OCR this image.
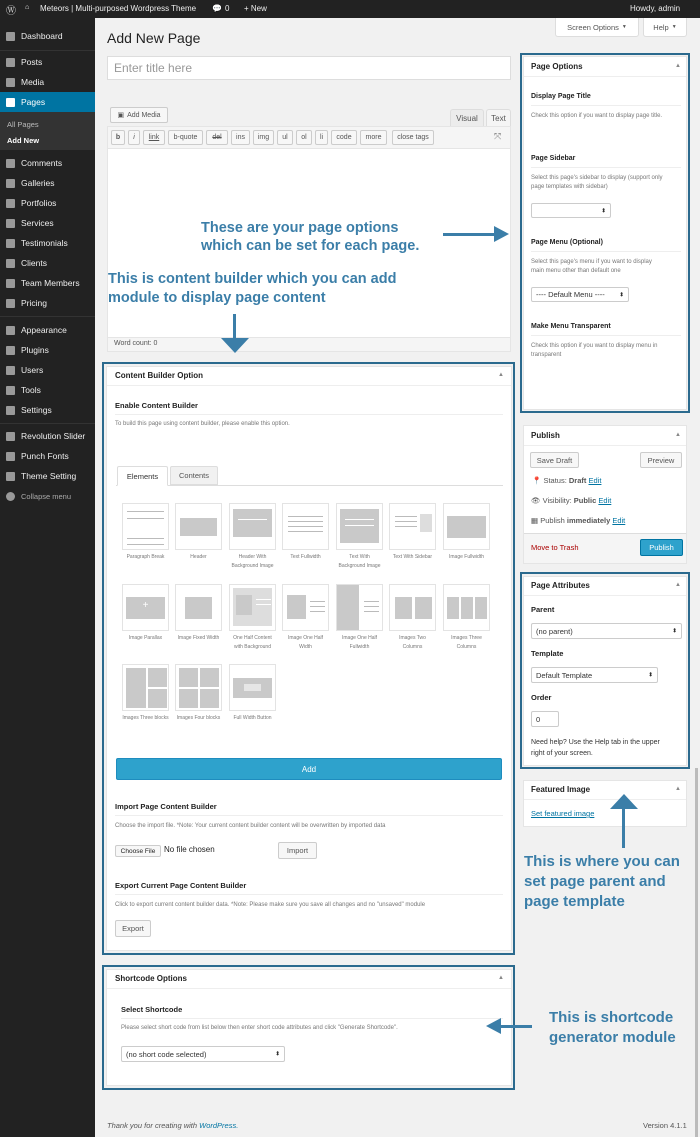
Ⓦ ⌂ Meteors | Multi-purposed Wordpress Theme 💬 0 + New	Howdy, admin
Dashboard
Posts
Media
Pages
All Pages
Add New
Comments
Galleries
Portfolios
Services
Testimonials
Clients
Team Members
Pricing
Appearance
Plugins
Users
Tools
Settings
Revolution Slider
Punch Fonts
Theme Setting
Collapse menu
Screen Options ▼	Help ▼
Add New Page
Enter title here
▣ Add Media	Visual	Text
b	i	link	b-quote	del	ins	img	ul	ol	li	code	more	close tags	⤧
Word count: 0
These are your page options
which can be set for each page.
This is content builder which you can add
module to display page content
Page Options	▲
Display Page Title
Check this option if you want to display page title.
Page Sidebar
Select this page's sidebar to display (support only
page templates with sidebar)
⬍
Page Menu (Optional)
Select this page's menu if you want to display
main menu other than default one
---- Default Menu ---- ⬍
Make Menu Transparent
Check this option if you want to display menu in
transparent
Publish	▲
Save Draft	Preview
📍 Status: Draft Edit
👁 Visibility: Public Edit
▦ Publish immediately Edit
Move to Trash	Publish
Page Attributes	▲
Parent
(no parent)	⬍
Template
Default Template	⬍
Order
0
Need help? Use the Help tab in the upper
right of your screen.
Featured Image	▲
Set featured image
This is where you can
set page parent and
page template
Content Builder Option	▲
Enable Content Builder
To build this page using content builder, please enable this option.
Elements	Contents
Paragraph Break	Header	Header With
Background Image
Text Fullwidth	Text With
Background Image
Text With Sidebar	Image Fullwidth
+
Image Parallax	Image Fixed Width	One Half Content
with Background
Image One Half
Width
Image One Half
Fullwidth
Images Two
Columns
Images Three
Columns
Images Three blocks	Images Four blocks	Full Width Button
Add
Import Page Content Builder
Choose the import file. *Note: Your current content builder content will be overwritten by imported data
Choose File	No file chosen	Import
Export Current Page Content Builder
Click to export current content builder data. *Note: Please make sure you save all changes and no "unsaved" module
Export
Shortcode Options	▲
Select Shortcode
Please select short code from list below then enter short code attributes and click "Generate Shortcode".
(no short code selected)	⬍
This is shortcode
generator module
Thank you for creating with WordPress.	Version 4.1.1
